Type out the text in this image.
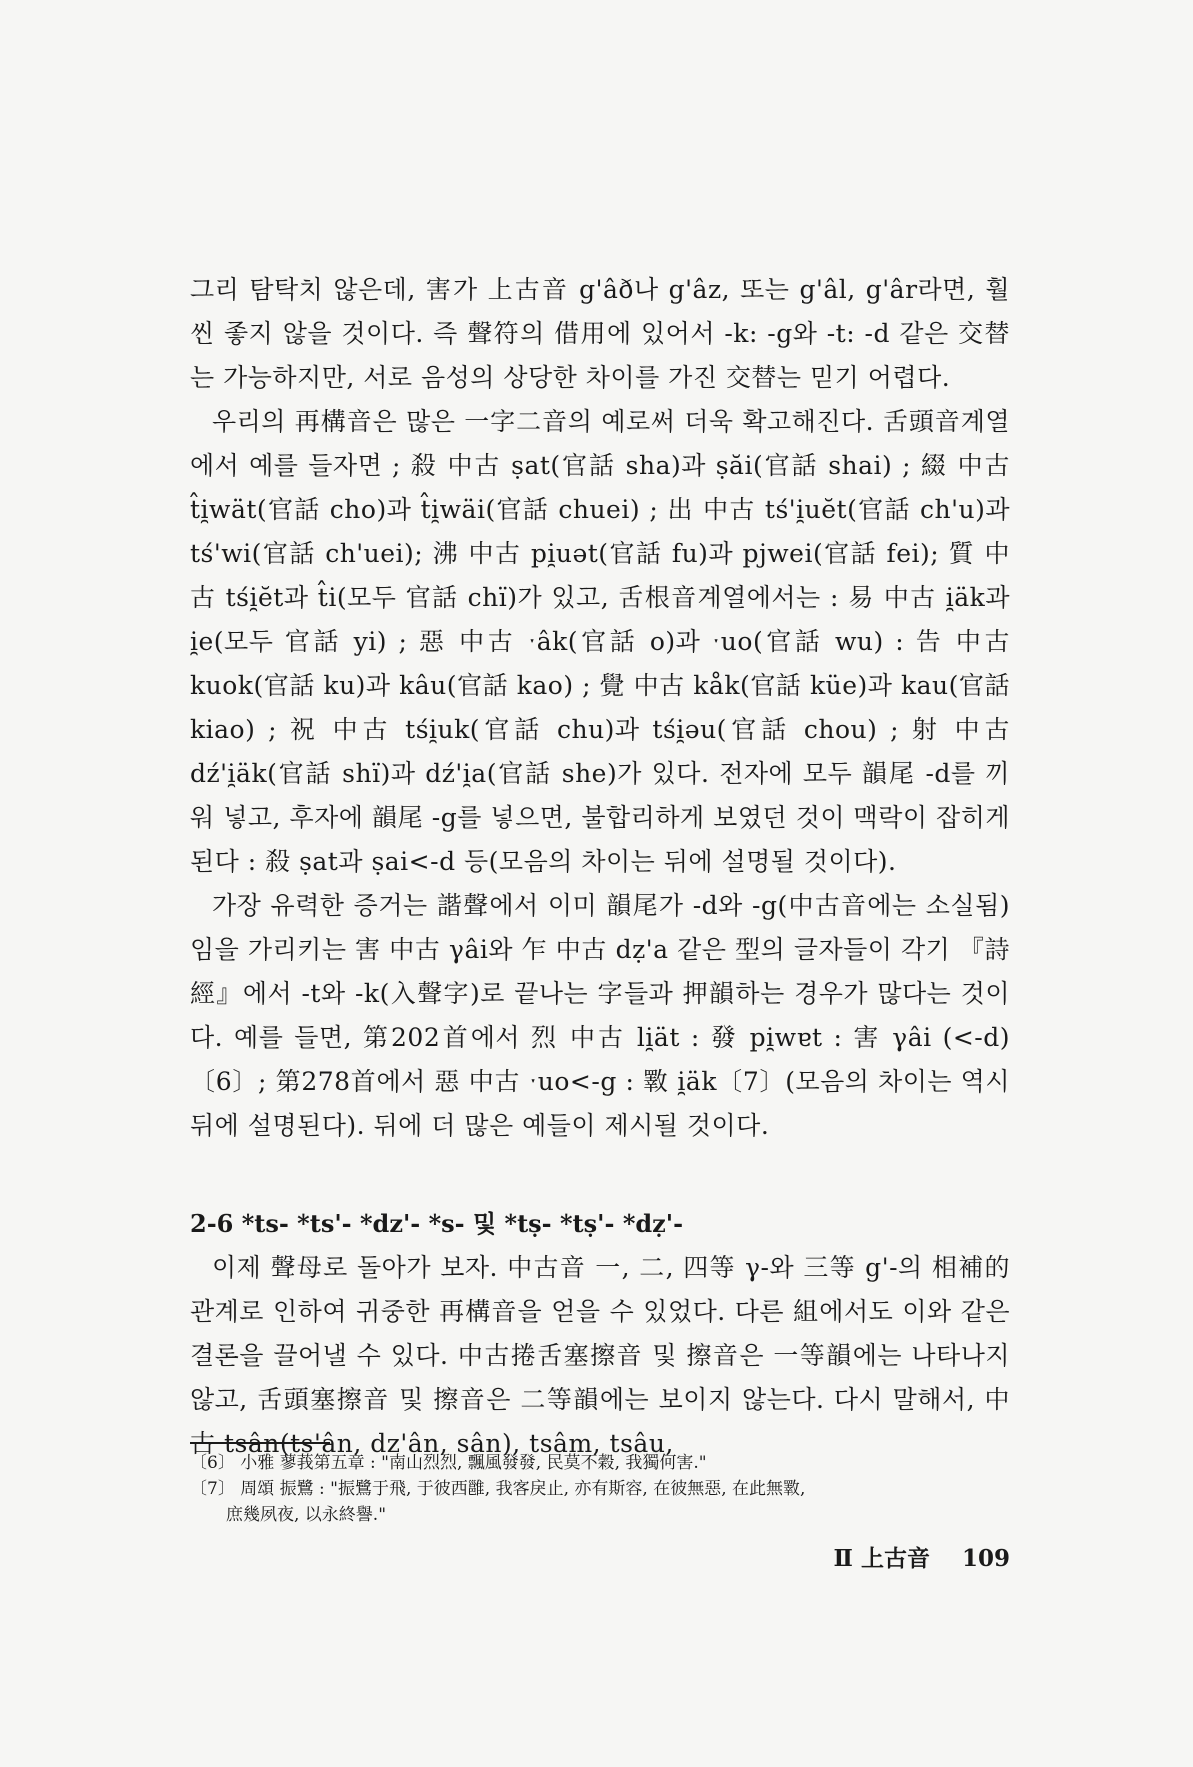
그리 탐탁치 않은데, 害가 上古音 g'âð나 g'âz, 또는 g'âl, g'âr라면, 훨씬 좋지 않을 것이다. 즉 聲符의 借用에 있어서 -k: -g와 -t: -d 같은 交替는 가능하지만, 서로 음성의 상당한 차이를 가진 交替는 믿기 어렵다.

우리의 再構音은 많은 一字二音의 예로써 더욱 확고해진다. 舌頭音계열에서 예를 들자면 ; 殺 中古 ṣat(官話 sha)과 ṣăi(官話 shai) ; 綴 中古 t̂i̯wät(官話 cho)과 t̂i̯wäi(官話 chuei) ; 出 中古 tś'i̯uĕt(官話 ch'u)과 tś'wi(官話 ch'uei); 沸 中古 pi̯uət(官話 fu)과 pjwei(官話 fei); 質 中古 tśi̯ĕt과 t̂i(모두 官話 chï)가 있고, 舌根音계열에서는 : 易 中古 i̯äk과 i̯e(모두 官話 yi) ; 惡 中古 ˑâk(官話 o)과 ˑuo(官話 wu) : 告 中古 kuok(官話 ku)과 kâu(官話 kao) ; 覺 中古 kåk(官話 küe)과 kau(官話 kiao) ; 祝 中古 tśi̯uk(官話 chu)과 tśi̯əu(官話 chou) ; 射 中古 dź'i̯äk(官話 shï)과 dź'i̯a(官話 she)가 있다. 전자에 모두 韻尾 -d를 끼워 넣고, 후자에 韻尾 -g를 넣으면, 불합리하게 보였던 것이 맥락이 잡히게 된다 : 殺 ṣat과 ṣai<-d 등(모음의 차이는 뒤에 설명될 것이다).

가장 유력한 증거는 諧聲에서 이미 韻尾가 -d와 -g(中古音에는 소실됨)임을 가리키는 害 中古 γâi와 乍 中古 dẓ'a 같은 型의 글자들이 각기 『詩經』에서 -t와 -k(入聲字)로 끝나는 字들과 押韻하는 경우가 많다는 것이다. 예를 들면, 第202首에서 烈 中古 li̯ät : 發 pi̯wɐt : 害 γâi (<-d)〔6〕; 第278首에서 惡 中古 ˑuo<-g : 斁 i̯äk〔7〕(모음의 차이는 역시 뒤에 설명된다). 뒤에 더 많은 예들이 제시될 것이다.

2-6 *ts- *ts'- *dz'- *s- 및 *tṣ- *tṣ'- *dẓ'-

이제 聲母로 돌아가 보자. 中古音 一, 二, 四等 γ-와 三等 g'-의 相補的 관계로 인하여 귀중한 再構音을 얻을 수 있었다. 다른 組에서도 이와 같은 결론을 끌어낼 수 있다. 中古捲舌塞擦音 및 擦音은 一等韻에는 나타나지 않고, 舌頭塞擦音 및 擦音은 二等韻에는 보이지 않는다. 다시 말해서, 中古 tsân(ts'ân, dz'ân, sân), tsâm, tsâu,

〔6〕 小雅 蓼莪第五章 : "南山烈烈, 飄風發發, 民莫不穀, 我獨何害."

〔7〕 周頌 振鷺 : "振鷺于飛, 于彼西雝, 我客戾止, 亦有斯容, 在彼無惡, 在此無斁,

庶幾夙夜, 以永終譽."

Ⅱ 上古音 109
